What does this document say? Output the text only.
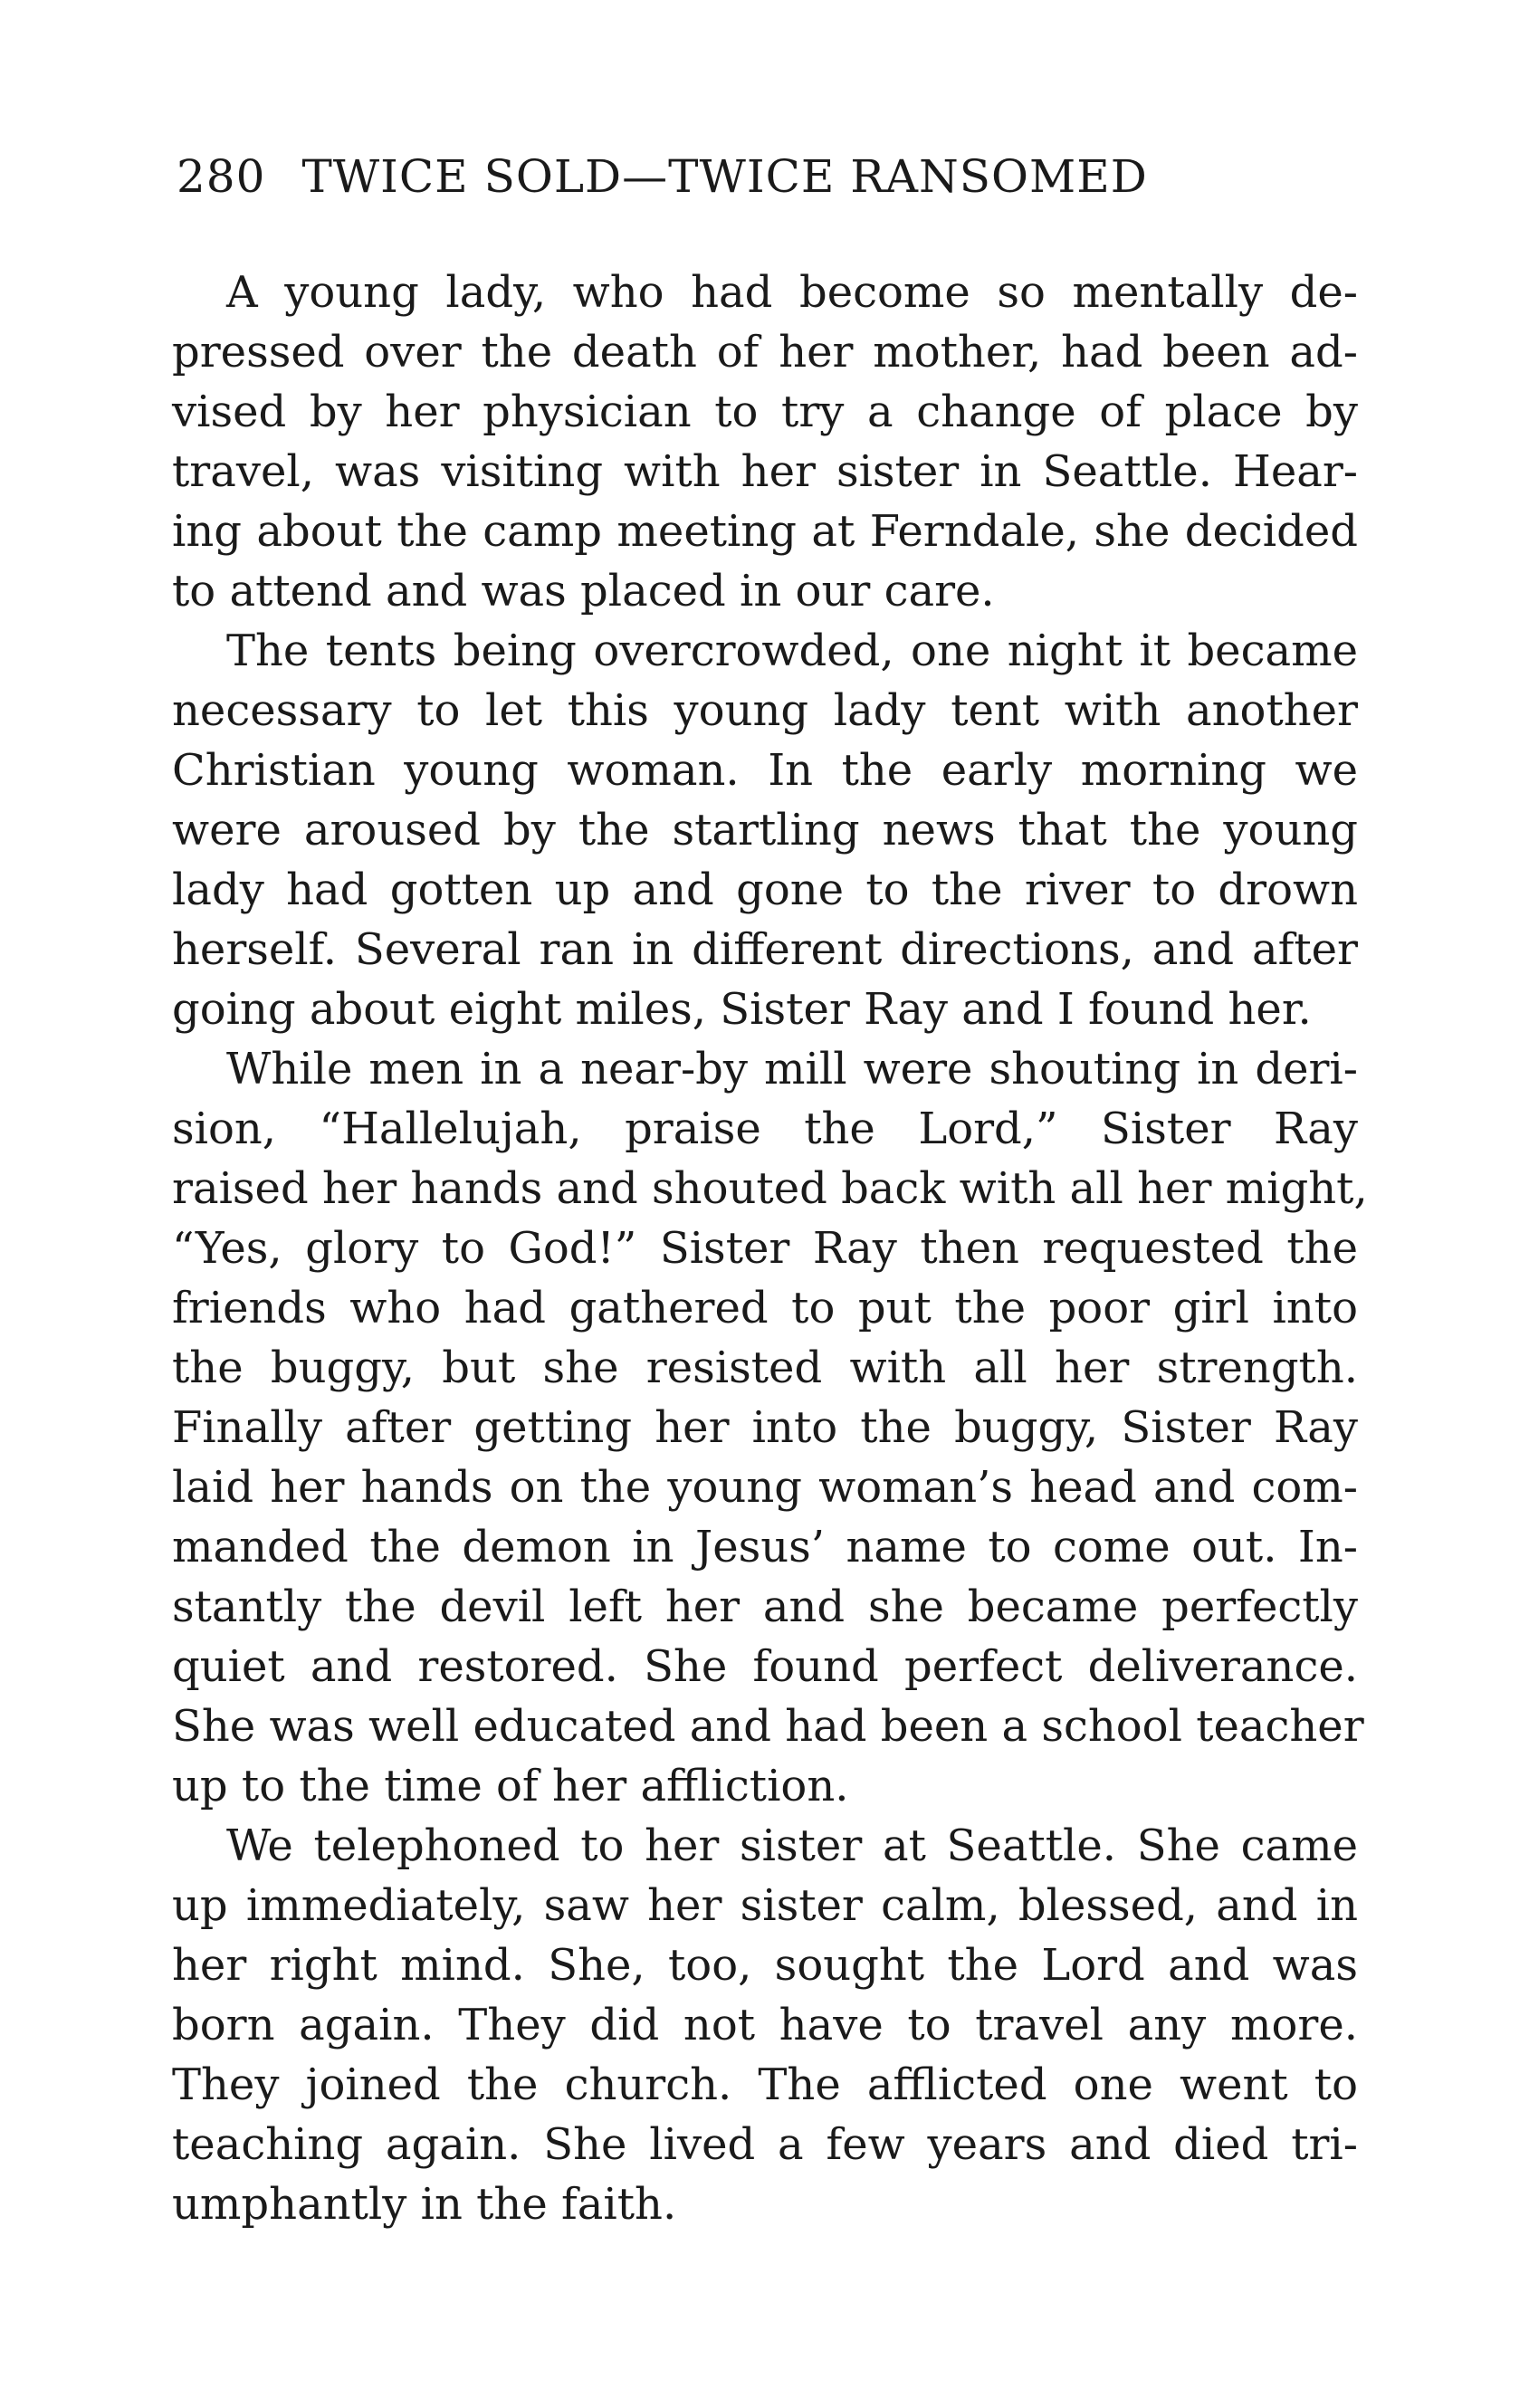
280 TWICE SOLD—TWICE RANSOMED
A young lady, who had become so mentally de-
pressed over the death of her mother, had been ad-
vised by her physician to try a change of place by
travel, was visiting with her sister in Seattle. Hear-
ing about the camp meeting at Ferndale, she decided
to attend and was placed in our care.
The tents being overcrowded, one night it became
necessary to let this young lady tent with another
Christian young woman. In the early morning we
were aroused by the startling news that the young
lady had gotten up and gone to the river to drown
herself. Several ran in different directions, and after
going about eight miles, Sister Ray and I found her.
While men in a near-by mill were shouting in deri-
sion, “Hallelujah, praise the Lord,” Sister Ray
raised her hands and shouted back with all her might,
“Yes, glory to God!” Sister Ray then requested the
friends who had gathered to put the poor girl into
the buggy, but she resisted with all her strength.
Finally after getting her into the buggy, Sister Ray
laid her hands on the young woman’s head and com-
manded the demon in Jesus’ name to come out. In-
stantly the devil left her and she became perfectly
quiet and restored. She found perfect deliverance.
She was well educated and had been a school teacher
up to the time of her affliction.
We telephoned to her sister at Seattle. She came
up immediately, saw her sister calm, blessed, and in
her right mind. She, too, sought the Lord and was
born again. They did not have to travel any more.
They joined the church. The afflicted one went to
teaching again. She lived a few years and died tri-
umphantly in the faith.
